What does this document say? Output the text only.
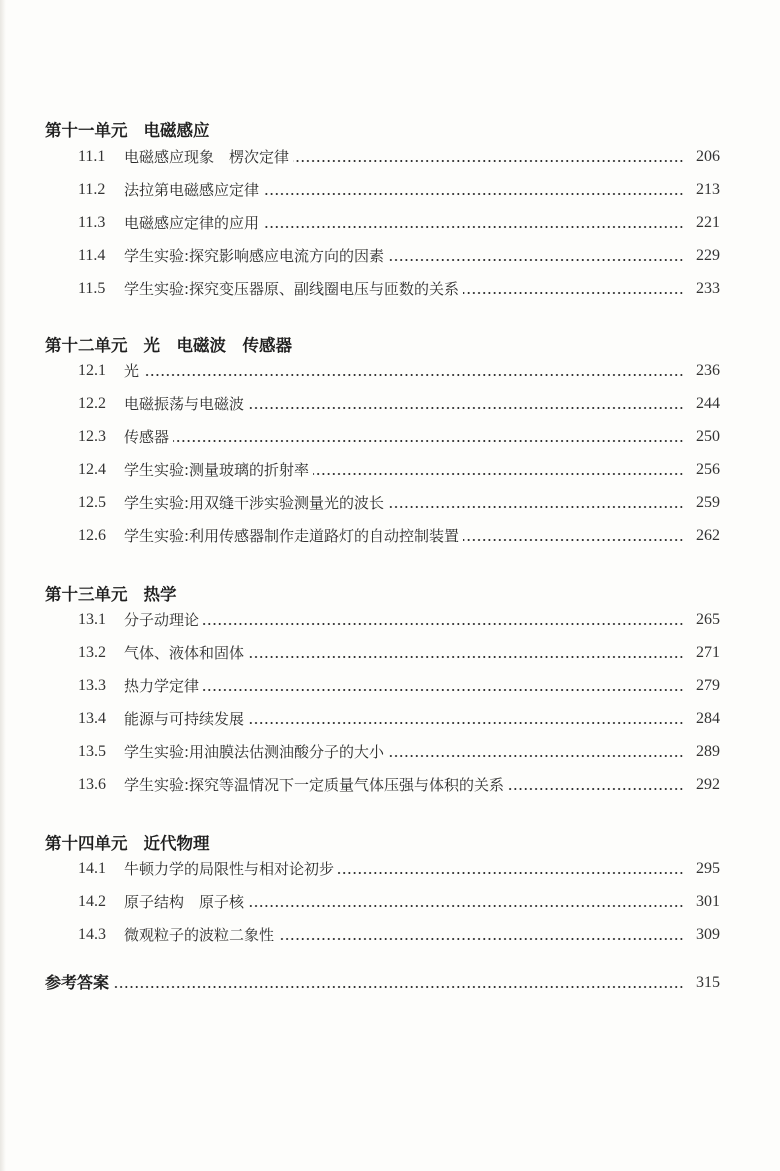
第十一单元 电磁感应
11.1	电磁感应现象　楞次定律	206
11.2	法拉第电磁感应定律	213
11.3	电磁感应定律的应用	221
11.4	学生实验:探究影响感应电流方向的因素	229
11.5	学生实验:探究变压器原、副线圈电压与匝数的关系	233
第十二单元 光　电磁波　传感器
12.1	光	236
12.2	电磁振荡与电磁波	244
12.3	传感器	250
12.4	学生实验:测量玻璃的折射率	256
12.5	学生实验:用双缝干涉实验测量光的波长	259
12.6	学生实验:利用传感器制作走道路灯的自动控制装置	262
第十三单元 热学
13.1	分子动理论	265
13.2	气体、液体和固体	271
13.3	热力学定律	279
13.4	能源与可持续发展	284
13.5	学生实验:用油膜法估测油酸分子的大小	289
13.6	学生实验:探究等温情况下一定质量气体压强与体积的关系	292
第十四单元 近代物理
14.1	牛顿力学的局限性与相对论初步	295
14.2	原子结构　原子核	301
14.3	微观粒子的波粒二象性	309
参考答案	315
